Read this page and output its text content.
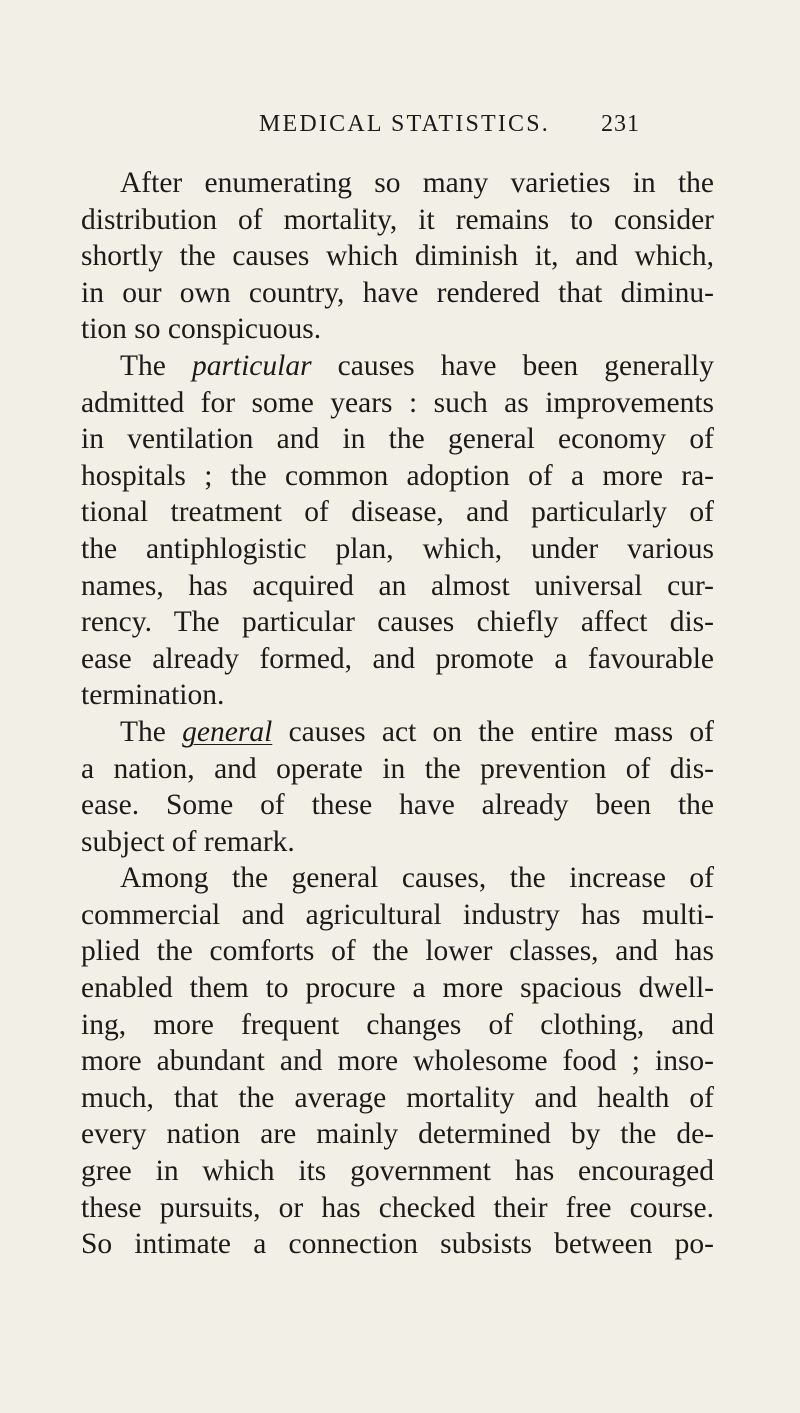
MEDICAL STATISTICS. 231
After enumerating so many varieties in the
distribution of mortality, it remains to consider
shortly the causes which diminish it, and which,
in our own country, have rendered that diminu-
tion so conspicuous.
The particular causes have been generally
admitted for some years : such as improvements
in ventilation and in the general economy of
hospitals ; the common adoption of a more ra-
tional treatment of disease, and particularly of
the antiphlogistic plan, which, under various
names, has acquired an almost universal cur-
rency. The particular causes chiefly affect dis-
ease already formed, and promote a favourable
termination.
The general causes act on the entire mass of
a nation, and operate in the prevention of dis-
ease. Some of these have already been the
subject of remark.
Among the general causes, the increase of
commercial and agricultural industry has multi-
plied the comforts of the lower classes, and has
enabled them to procure a more spacious dwell-
ing, more frequent changes of clothing, and
more abundant and more wholesome food ; inso-
much, that the average mortality and health of
every nation are mainly determined by the de-
gree in which its government has encouraged
these pursuits, or has checked their free course.
So intimate a connection subsists between po-
